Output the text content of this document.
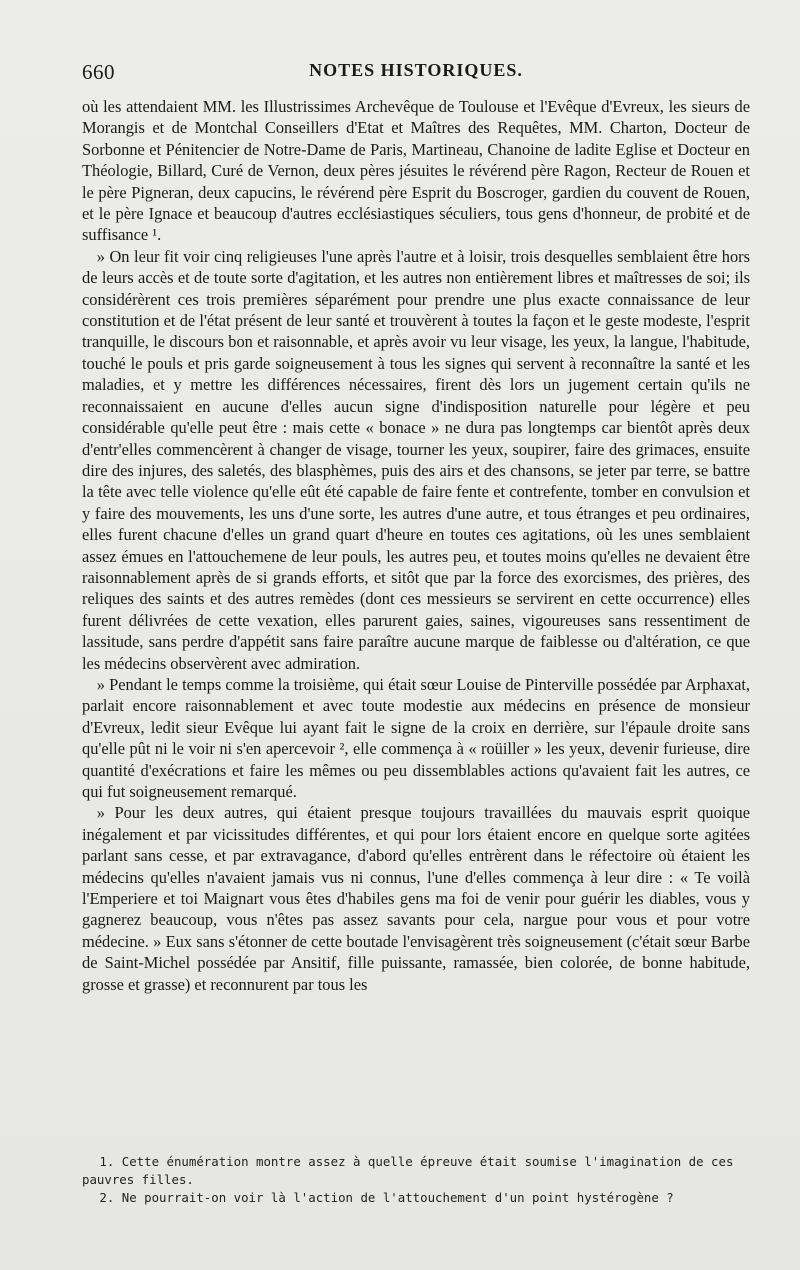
660	NOTES HISTORIQUES.

où les attendaient MM. les Illustrissimes Archevêque de Toulouse et l'Evêque d'Evreux, les sieurs de Morangis et de Montchal Conseillers d'Etat et Maîtres des Requêtes, MM. Charton, Docteur de Sorbonne et Pénitencier de Notre-Dame de Paris, Martineau, Chanoine de ladite Eglise et Docteur en Théologie, Billard, Curé de Vernon, deux pères jésuites le révérend père Ragon, Recteur de Rouen et le père Pigneran, deux capucins, le révérend père Esprit du Boscroger, gardien du couvent de Rouen, et le père Ignace et beaucoup d'autres ecclésiastiques séculiers, tous gens d'honneur, de probité et de suffisance ¹.

» On leur fit voir cinq religieuses l'une après l'autre et à loisir, trois desquelles semblaient être hors de leurs accès et de toute sorte d'agitation, et les autres non entièrement libres et maîtresses de soi; ils considérèrent ces trois premières séparément pour prendre une plus exacte connaissance de leur constitution et de l'état présent de leur santé et trouvèrent à toutes la façon et le geste modeste, l'esprit tranquille, le discours bon et raisonnable, et après avoir vu leur visage, les yeux, la langue, l'habitude, touché le pouls et pris garde soigneusement à tous les signes qui servent à reconnaître la santé et les maladies, et y mettre les différences nécessaires, firent dès lors un jugement certain qu'ils ne reconnaissaient en aucune d'elles aucun signe d'indisposition naturelle pour légère et peu considérable qu'elle peut être : mais cette « bonace » ne dura pas longtemps car bientôt après deux d'entr'elles commencèrent à changer de visage, tourner les yeux, soupirer, faire des grimaces, ensuite dire des injures, des saletés, des blasphèmes, puis des airs et des chansons, se jeter par terre, se battre la tête avec telle violence qu'elle eût été capable de faire fente et contrefente, tomber en convulsion et y faire des mouvements, les uns d'une sorte, les autres d'une autre, et tous étranges et peu ordinaires, elles furent chacune d'elles un grand quart d'heure en toutes ces agitations, où les unes semblaient assez émues en l'attouchemene de leur pouls, les autres peu, et toutes moins qu'elles ne devaient être raisonnablement après de si grands efforts, et sitôt que par la force des exorcismes, des prières, des reliques des saints et des autres remèdes (dont ces messieurs se servirent en cette occurrence) elles furent délivrées de cette vexation, elles parurent gaies, saines, vigoureuses sans ressentiment de lassitude, sans perdre d'appétit sans faire paraître aucune marque de faiblesse ou d'altération, ce que les médecins observèrent avec admiration.

» Pendant le temps comme la troisième, qui était sœur Louise de Pinterville possédée par Arphaxat, parlait encore raisonnablement et avec toute modestie aux médecins en présence de monsieur d'Evreux, ledit sieur Evêque lui ayant fait le signe de la croix en derrière, sur l'épaule droite sans qu'elle pût ni le voir ni s'en apercevoir ², elle commença à « roüiller » les yeux, devenir furieuse, dire quantité d'exécrations et faire les mêmes ou peu dissemblables actions qu'avaient fait les autres, ce qui fut soigneusement remarqué.

» Pour les deux autres, qui étaient presque toujours travaillées du mauvais esprit quoique inégalement et par vicissitudes différentes, et qui pour lors étaient encore en quelque sorte agitées parlant sans cesse, et par extravagance, d'abord qu'elles entrèrent dans le réfectoire où étaient les médecins qu'elles n'avaient jamais vus ni connus, l'une d'elles commença à leur dire : « Te voilà l'Emperiere et toi Maignart vous êtes d'habiles gens ma foi de venir pour guérir les diables, vous y gagnerez beaucoup, vous n'êtes pas assez savants pour cela, nargue pour vous et pour votre médecine. » Eux sans s'étonner de cette boutade l'envisagèrent très soigneusement (c'était sœur Barbe de Saint-Michel possédée par Ansitif, fille puissante, ramassée, bien colorée, de bonne habitude, grosse et grasse) et reconnurent par tous les

1. Cette énumération montre assez à quelle épreuve était soumise l'imagination de ces pauvres filles.

2. Ne pourrait-on voir là l'action de l'attouchement d'un point hystérogène ?
